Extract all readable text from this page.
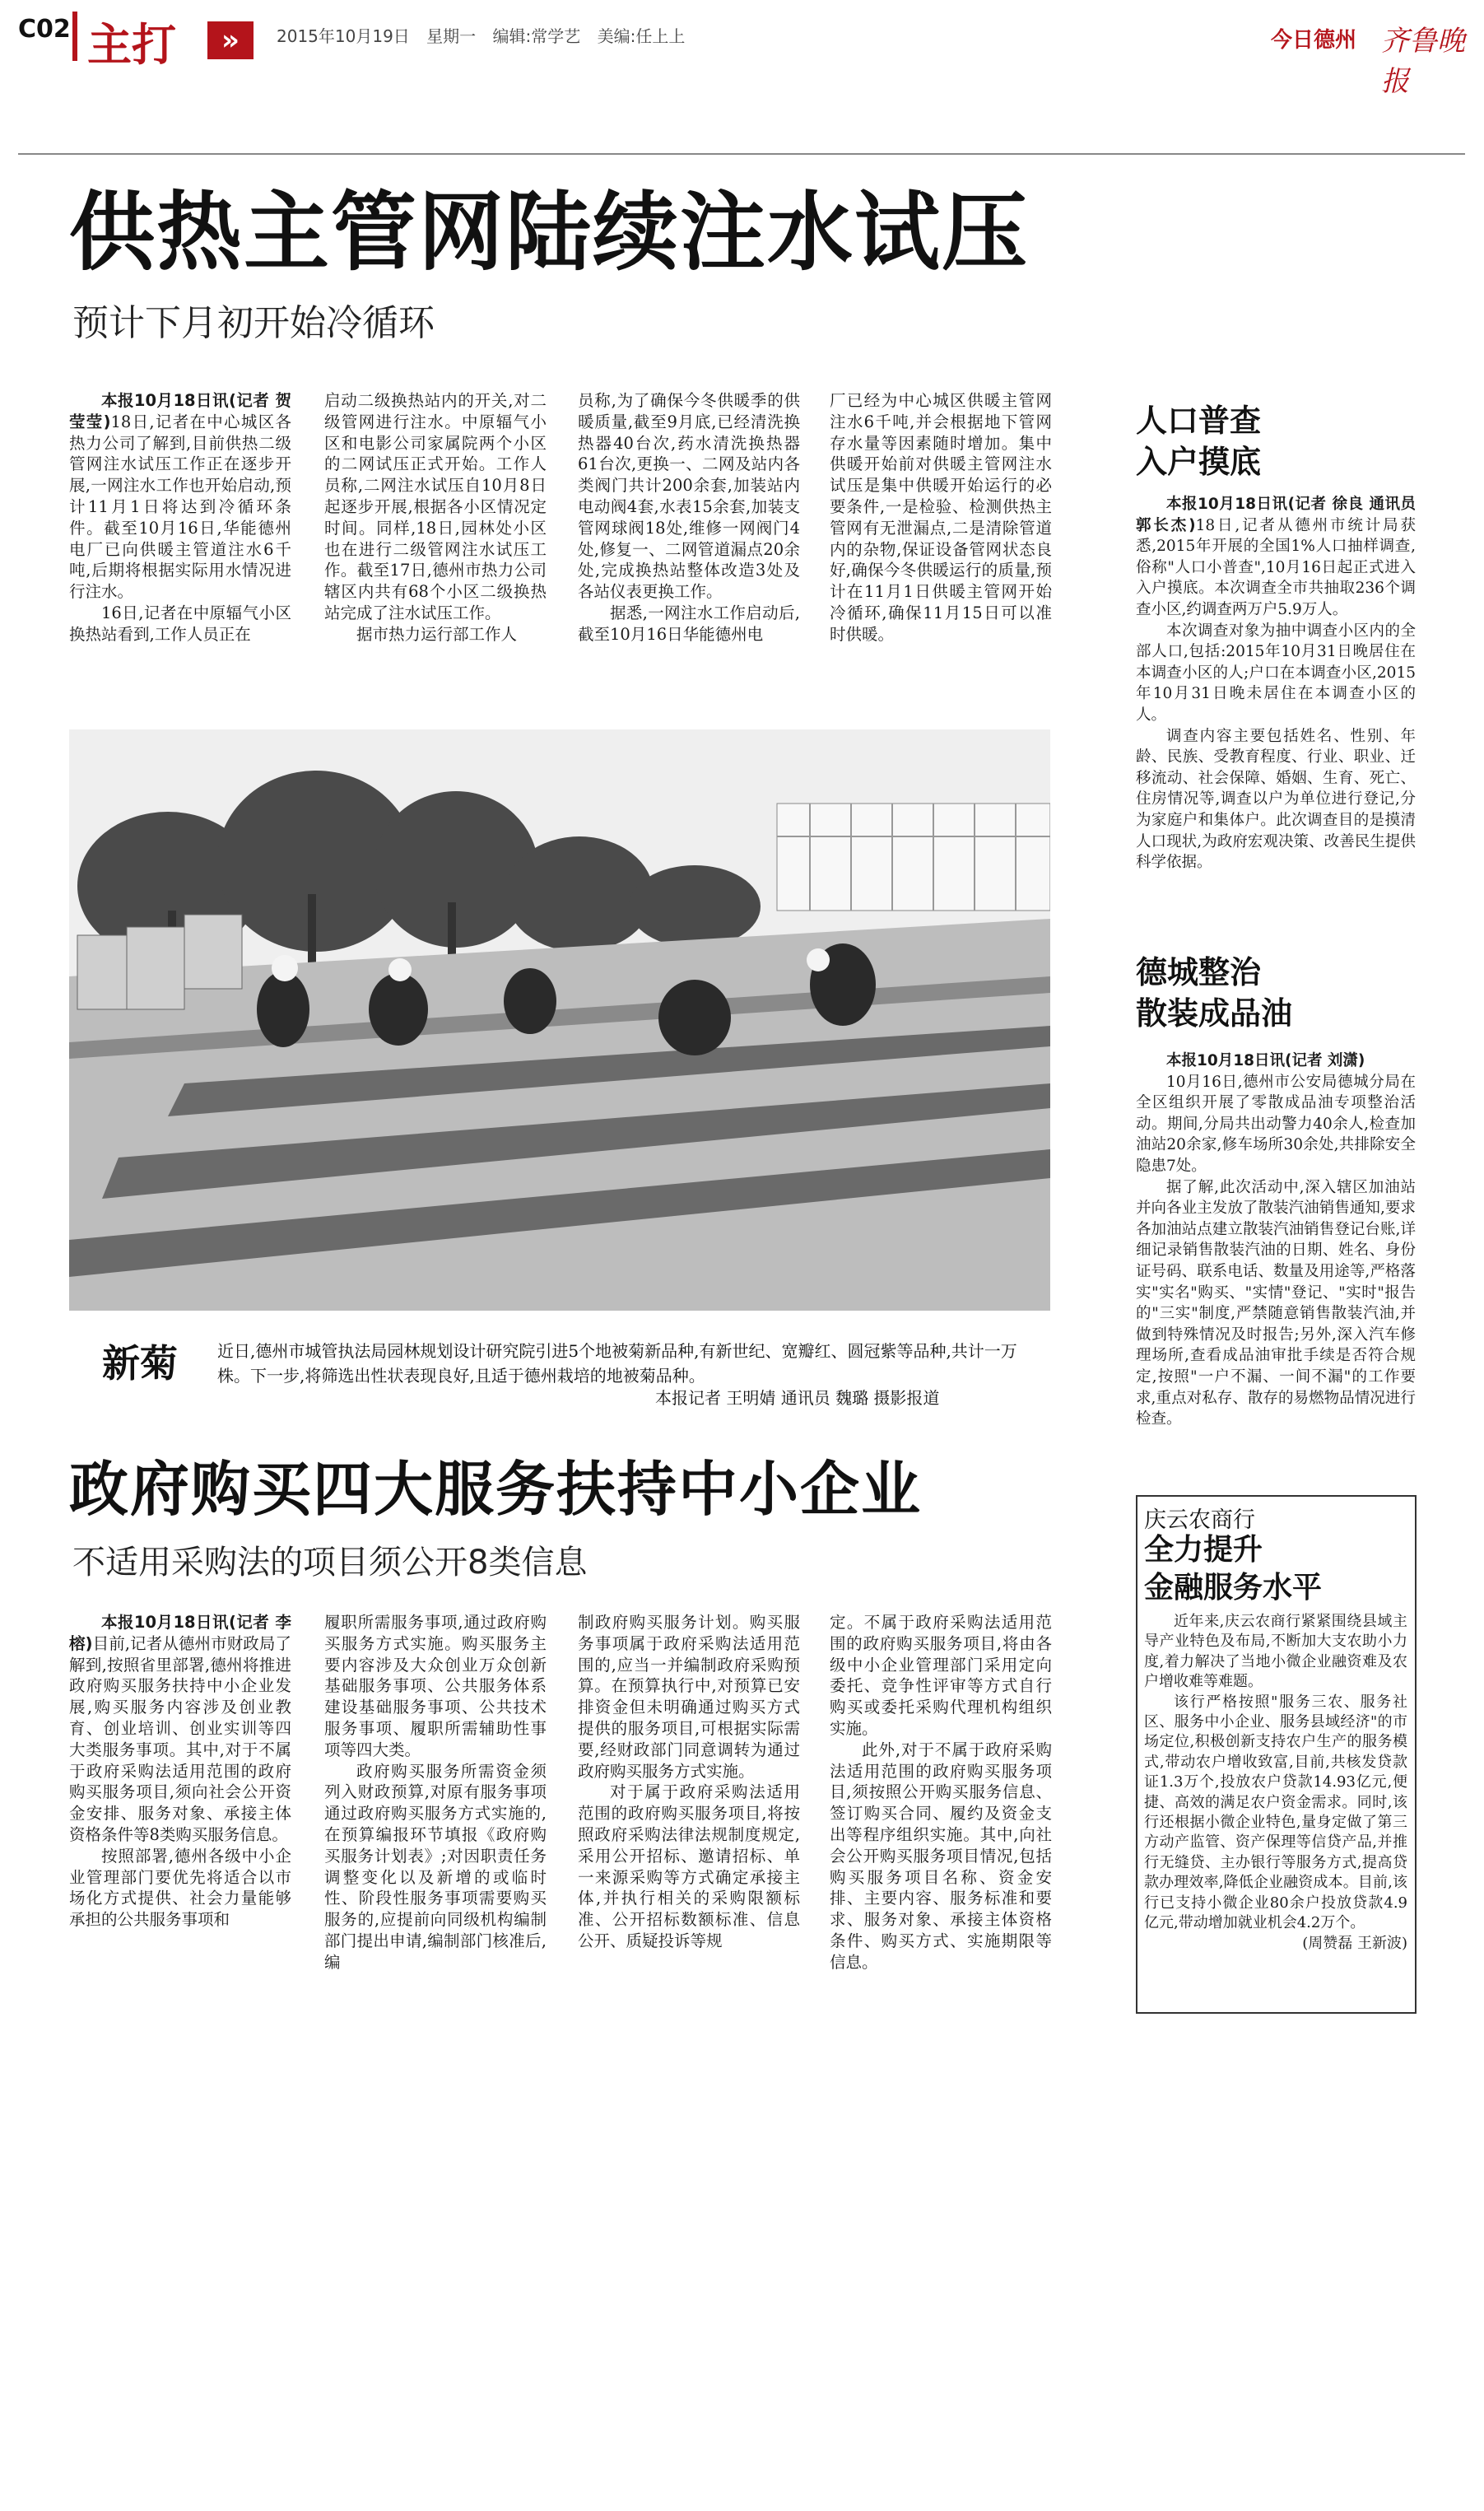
C02 主打	»	2015年10月19日 星期一 编辑:常学艺 美编:任上上	今日德州 齐鲁晚报
供热主管网陆续注水试压
预计下月初开始冷循环

本报10月18日讯(记者 贺莹莹)18日,记者在中心城区各热力公司了解到,目前供热二级管网注水试压工作正在逐步开展,一网注水工作也开始启动,预计11月1日将达到冷循环条件。截至10月16日,华能德州电厂已向供暖主管道注水6千吨,后期将根据实际用水情况进行注水。

16日,记者在中原辐气小区换热站看到,工作人员正在

启动二级换热站内的开关,对二级管网进行注水。中原辐气小区和电影公司家属院两个小区的二网试压正式开始。工作人员称,二网注水试压自10月8日起逐步开展,根据各小区情况定时间。同样,18日,园林处小区也在进行二级管网注水试压工作。截至17日,德州市热力公司辖区内共有68个小区二级换热站完成了注水试压工作。

据市热力运行部工作人

员称,为了确保今冬供暖季的供暖质量,截至9月底,已经清洗换热器40台次,药水清洗换热器61台次,更换一、二网及站内各类阀门共计200余套,加装站内电动阀4套,水表15余套,加装支管网球阀18处,维修一网阀门4处,修复一、二网管道漏点20余处,完成换热站整体改造3处及各站仪表更换工作。

据悉,一网注水工作启动后,截至10月16日华能德州电

厂已经为中心城区供暖主管网注水6千吨,并会根据地下管网存水量等因素随时增加。集中供暖开始前对供暖主管网注水试压是集中供暖开始运行的必要条件,一是检验、检测供热主管网有无泄漏点,二是清除管道内的杂物,保证设备管网状态良好,确保今冬供暖运行的质量,预计在11月1日供暖主管网开始冷循环,确保11月15日可以准时供暖。

新菊 近日,德州市城管执法局园林规划设计研究院引进5个地被菊新品种,有新世纪、宽瓣红、圆冠紫等品种,共计一万株。下一步,将筛选出性状表现良好,且适于德州栽培的地被菊品种。
本报记者 王明婧 通讯员 魏璐 摄影报道
政府购买四大服务扶持中小企业
不适用采购法的项目须公开8类信息

本报10月18日讯(记者 李榕)目前,记者从德州市财政局了解到,按照省里部署,德州将推进政府购买服务扶持中小企业发展,购买服务内容涉及创业教育、创业培训、创业实训等四大类服务事项。其中,对于不属于政府采购法适用范围的政府购买服务项目,须向社会公开资金安排、服务对象、承接主体资格条件等8类购买服务信息。

按照部署,德州各级中小企业管理部门要优先将适合以市场化方式提供、社会力量能够承担的公共服务事项和

履职所需服务事项,通过政府购买服务方式实施。购买服务主要内容涉及大众创业万众创新基础服务事项、公共服务体系建设基础服务事项、公共技术服务事项、履职所需辅助性事项等四大类。

政府购买服务所需资金须列入财政预算,对原有服务事项通过政府购买服务方式实施的,在预算编报环节填报《政府购买服务计划表》;对因职责任务调整变化以及新增的或临时性、阶段性服务事项需要购买服务的,应提前向同级机构编制部门提出申请,编制部门核准后,编

制政府购买服务计划。购买服务事项属于政府采购法适用范围的,应当一并编制政府采购预算。在预算执行中,对预算已安排资金但未明确通过购买方式提供的服务项目,可根据实际需要,经财政部门同意调转为通过政府购买服务方式实施。

对于属于政府采购法适用范围的政府购买服务项目,将按照政府采购法律法规制度规定,采用公开招标、邀请招标、单一来源采购等方式确定承接主体,并执行相关的采购限额标准、公开招标数额标准、信息公开、质疑投诉等规

定。不属于政府采购法适用范围的政府购买服务项目,将由各级中小企业管理部门采用定向委托、竞争性评审等方式自行购买或委托采购代理机构组织实施。

此外,对于不属于政府采购法适用范围的政府购买服务项目,须按照公开购买服务信息、签订购买合同、履约及资金支出等程序组织实施。其中,向社会公开购买服务项目情况,包括购买服务项目名称、资金安排、主要内容、服务标准和要求、服务对象、承接主体资格条件、购买方式、实施期限等信息。

人口普查
入户摸底

本报10月18日讯(记者 徐良 通讯员 郭长杰)18日,记者从德州市统计局获悉,2015年开展的全国1%人口抽样调查,俗称"人口小普查",10月16日起正式进入入户摸底。本次调查全市共抽取236个调查小区,约调查两万户5.9万人。

本次调查对象为抽中调查小区内的全部人口,包括:2015年10月31日晚居住在本调查小区的人;户口在本调查小区,2015年10月31日晚未居住在本调查小区的人。

调查内容主要包括姓名、性别、年龄、民族、受教育程度、行业、职业、迁移流动、社会保障、婚姻、生育、死亡、住房情况等,调查以户为单位进行登记,分为家庭户和集体户。此次调查目的是摸清人口现状,为政府宏观决策、改善民生提供科学依据。

德城整治
散装成品油

本报10月18日讯(记者 刘潇)

10月16日,德州市公安局德城分局在全区组织开展了零散成品油专项整治活动。期间,分局共出动警力40余人,检查加油站20余家,修车场所30余处,共排除安全隐患7处。

据了解,此次活动中,深入辖区加油站并向各业主发放了散装汽油销售通知,要求各加油站点建立散装汽油销售登记台账,详细记录销售散装汽油的日期、姓名、身份证号码、联系电话、数量及用途等,严格落实"实名"购买、"实情"登记、"实时"报告的"三实"制度,严禁随意销售散装汽油,并做到特殊情况及时报告;另外,深入汽车修理场所,查看成品油审批手续是否符合规定,按照"一户不漏、一间不漏"的工作要求,重点对私存、散存的易燃物品情况进行检查。

庆云农商行
全力提升
金融服务水平

近年来,庆云农商行紧紧围绕县域主导产业特色及布局,不断加大支农助小力度,着力解决了当地小微企业融资难及农户增收难等难题。

该行严格按照"服务三农、服务社区、服务中小企业、服务县域经济"的市场定位,积极创新支持农户生产的服务模式,带动农户增收致富,目前,共核发贷款证1.3万个,投放农户贷款14.93亿元,便捷、高效的满足农户资金需求。同时,该行还根据小微企业特色,量身定做了第三方动产监管、资产保理等信贷产品,并推行无缝贷、主办银行等服务方式,提高贷款办理效率,降低企业融资成本。目前,该行已支持小微企业80余户投放贷款4.9亿元,带动增加就业机会4.2万个。

(周赞磊 王新波)
